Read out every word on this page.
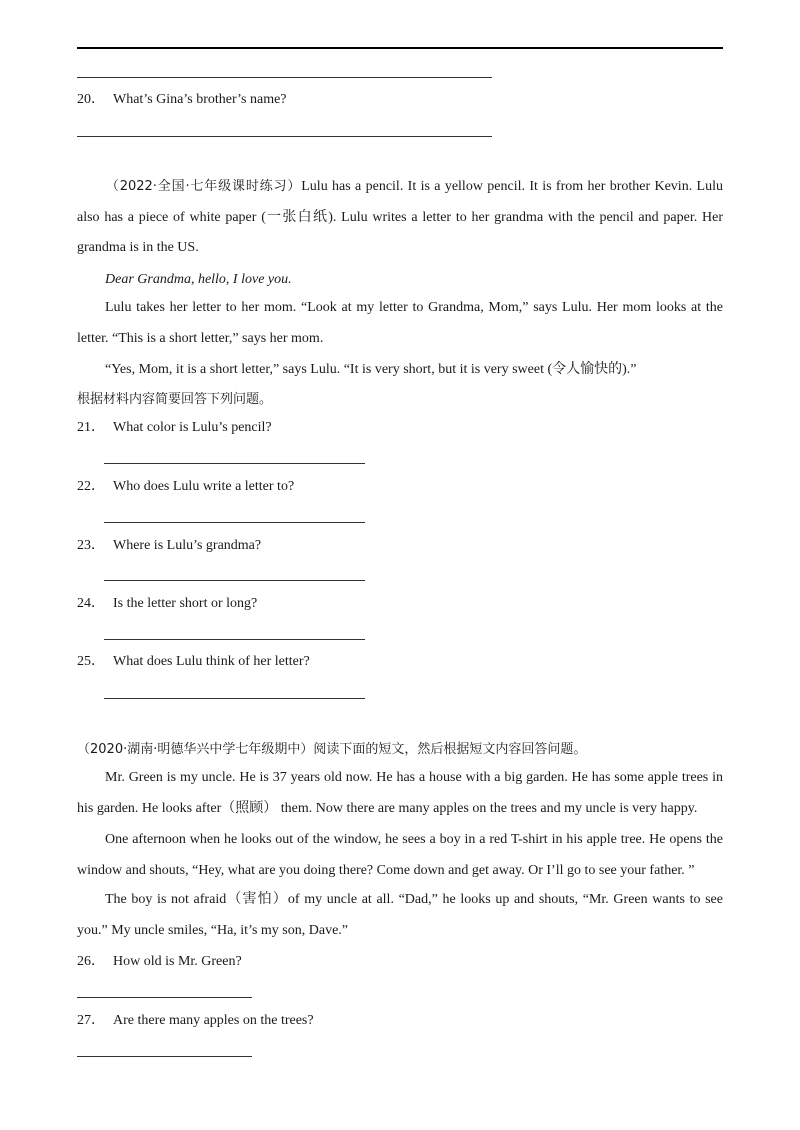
20． What’s Gina’s brother’s name?
（2022·全国·七年级课时练习）Lulu has a pencil. It is a yellow pencil. It is from her brother Kevin. Lulu also has a piece of white paper (一张白纸). Lulu writes a letter to her grandma with the pencil and paper. Her grandma is in the US.
Dear Grandma, hello, I love you.
Lulu takes her letter to her mom. “Look at my letter to Grandma, Mom,” says Lulu. Her mom looks at the letter. “This is a short letter,” says her mom.
“Yes, Mom, it is a short letter,” says Lulu. “It is very short, but it is very sweet (令人愉快的).”
根据材料内容简要回答下列问题。
21． What color is Lulu’s pencil?
22． Who does Lulu write a letter to?
23． Where is Lulu’s grandma?
24． Is the letter short or long?
25． What does Lulu think of her letter?
（2020·湖南·明德华兴中学七年级期中）阅读下面的短文，然后根据短文内容回答问题。
Mr. Green is my uncle. He is 37 years old now. He has a house with a big garden. He has some apple trees in his garden. He looks after（照顾） them. Now there are many apples on the trees and my uncle is very happy.
One afternoon when he looks out of the window, he sees a boy in a red T-shirt in his apple tree. He opens the window and shouts, “Hey, what are you doing there? Come down and get away. Or I’ll go to see your father. ”
The boy is not afraid（害怕）of my uncle at all. “Dad,” he looks up and shouts, “Mr. Green wants to see you.” My uncle smiles, “Ha, it’s my son, Dave.”
26． How old is Mr. Green?
27． Are there many apples on the trees?
